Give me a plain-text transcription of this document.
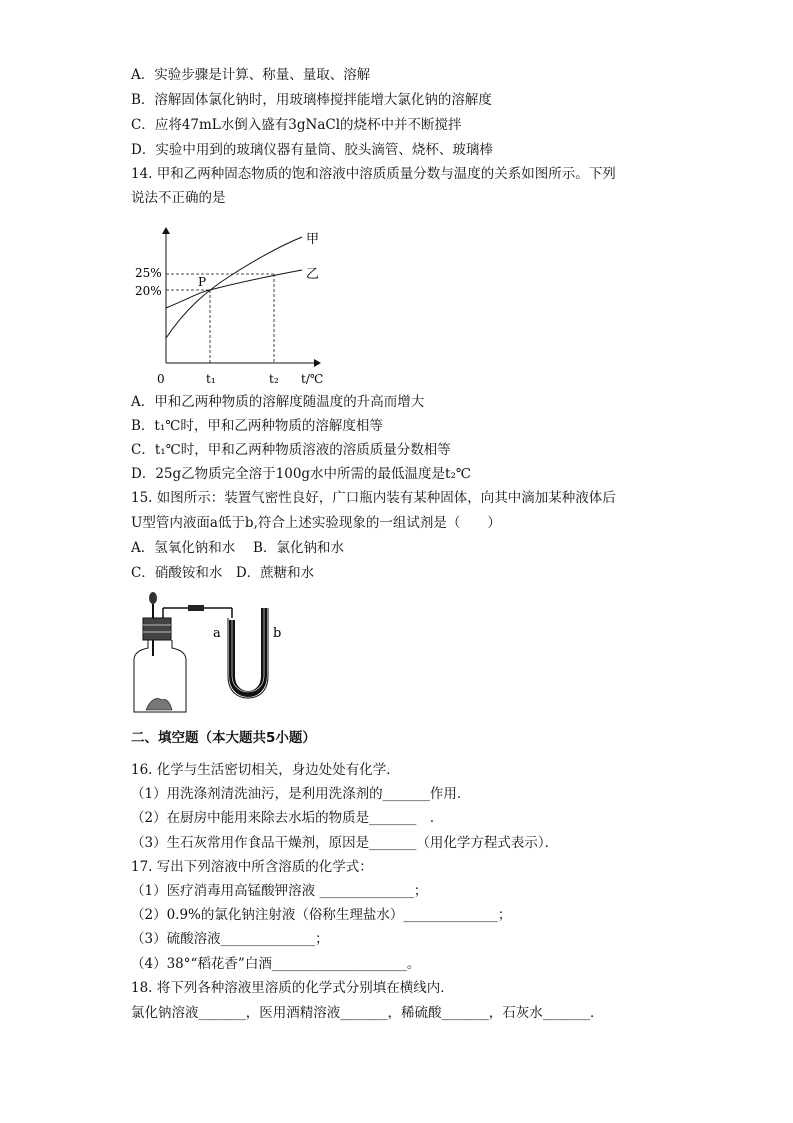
A．实验步骤是计算、称量、量取、溶解
B．溶解固体氯化钠时，用玻璃棒搅拌能增大氯化钠的溶解度
C．应将47mL水倒入盛有3gNaCl的烧杯中并不断搅拌
D．实验中用到的玻璃仪器有量筒、胶头滴管、烧杯、玻璃棒
14. 甲和乙两种固态物质的饱和溶液中溶质质量分数与温度的关系如图所示。下列
说法不正确的是
25%
20%
P
0	t₁	t₂ t/℃
甲
乙
A．甲和乙两种物质的溶解度随温度的升高而增大
B．t₁℃时，甲和乙两种物质的溶解度相等
C．t₁℃时，甲和乙两种物质溶液的溶质质量分数相等
D．25g乙物质完全溶于100g水中所需的最低温度是t₂℃
15. 如图所示：装置气密性良好，广口瓶内装有某种固体，向其中滴加某种液体后
U型管内液面a低于b,符合上述实验现象的一组试剂是（　　）
A．氢氧化钠和水　 B．氯化钠和水
C．硝酸铵和水　D．蔗糖和水
a	b
二、填空题（本大题共5小题）
16. 化学与生活密切相关，身边处处有化学．
（1）用洗涤剂清洗油污，是利用洗涤剂的_______作用．
（2）在厨房中能用来除去水垢的物质是_______　．
（3）生石灰常用作食品干燥剂，原因是_______（用化学方程式表示）．
17. 写出下列溶液中所含溶质的化学式：
（1）医疗消毒用高锰酸钾溶液 ______________；
（2）0.9%的氯化钠注射液（俗称生理盐水）______________；
（3）硫酸溶液______________；
（4）38°“稻花香”白酒____________________。
18. 将下列各种溶液里溶质的化学式分别填在横线内．
氯化钠溶液_______，医用酒精溶液_______，稀硫酸_______，石灰水_______．
